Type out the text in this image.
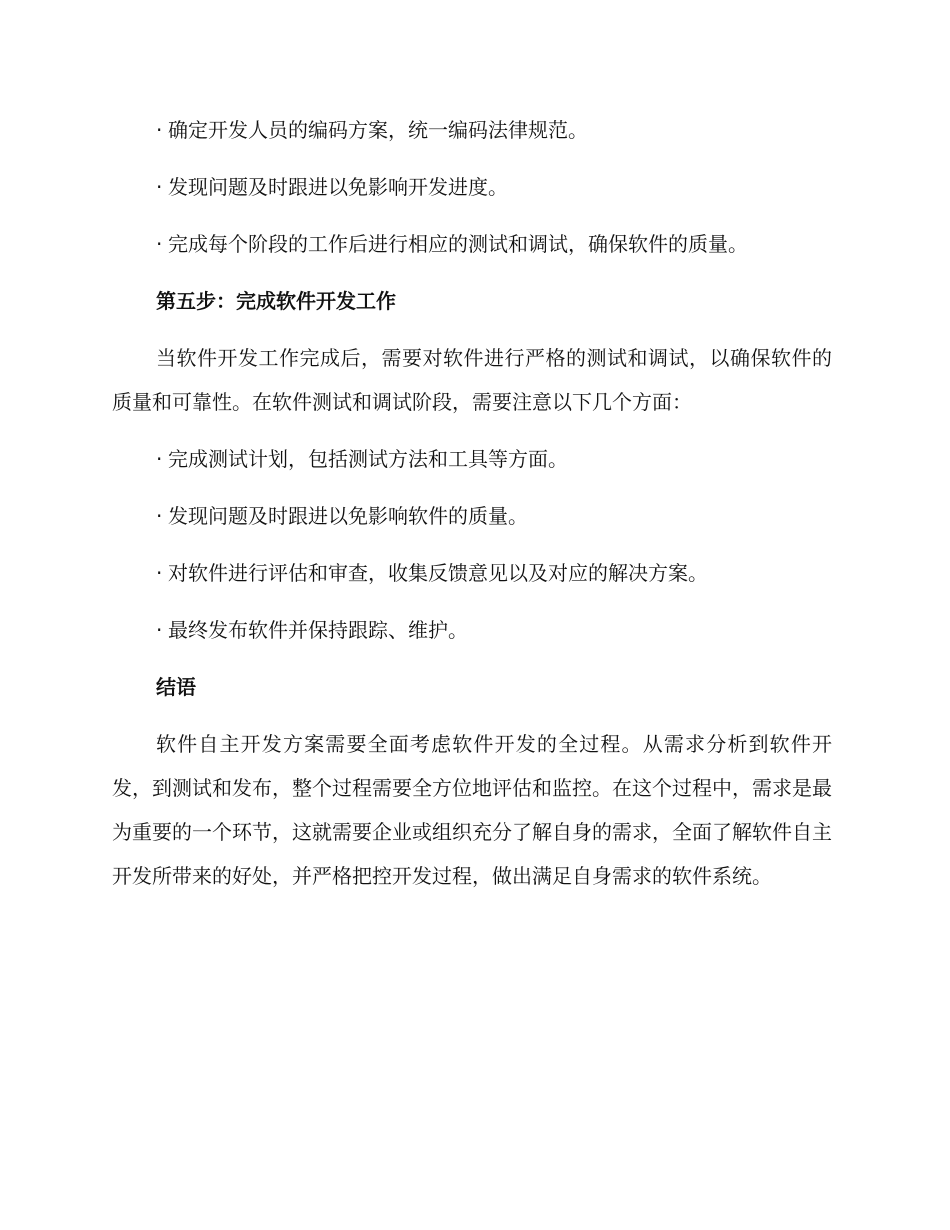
· 确定开发人员的编码方案，统一编码法律规范。
· 发现问题及时跟进以免影响开发进度。
· 完成每个阶段的工作后进行相应的测试和调试，确保软件的质量。
第五步：完成软件开发工作

当软件开发工作完成后，需要对软件进行严格的测试和调试，以确保软件的质量和可靠性。在软件测试和调试阶段，需要注意以下几个方面：

· 完成测试计划，包括测试方法和工具等方面。
· 发现问题及时跟进以免影响软件的质量。
· 对软件进行评估和审查，收集反馈意见以及对应的解决方案。
· 最终发布软件并保持跟踪、维护。
结语

软件自主开发方案需要全面考虑软件开发的全过程。从需求分析到软件开发，到测试和发布，整个过程需要全方位地评估和监控。在这个过程中，需求是最为重要的一个环节，这就需要企业或组织充分了解自身的需求，全面了解软件自主开发所带来的好处，并严格把控开发过程，做出满足自身需求的软件系统。
